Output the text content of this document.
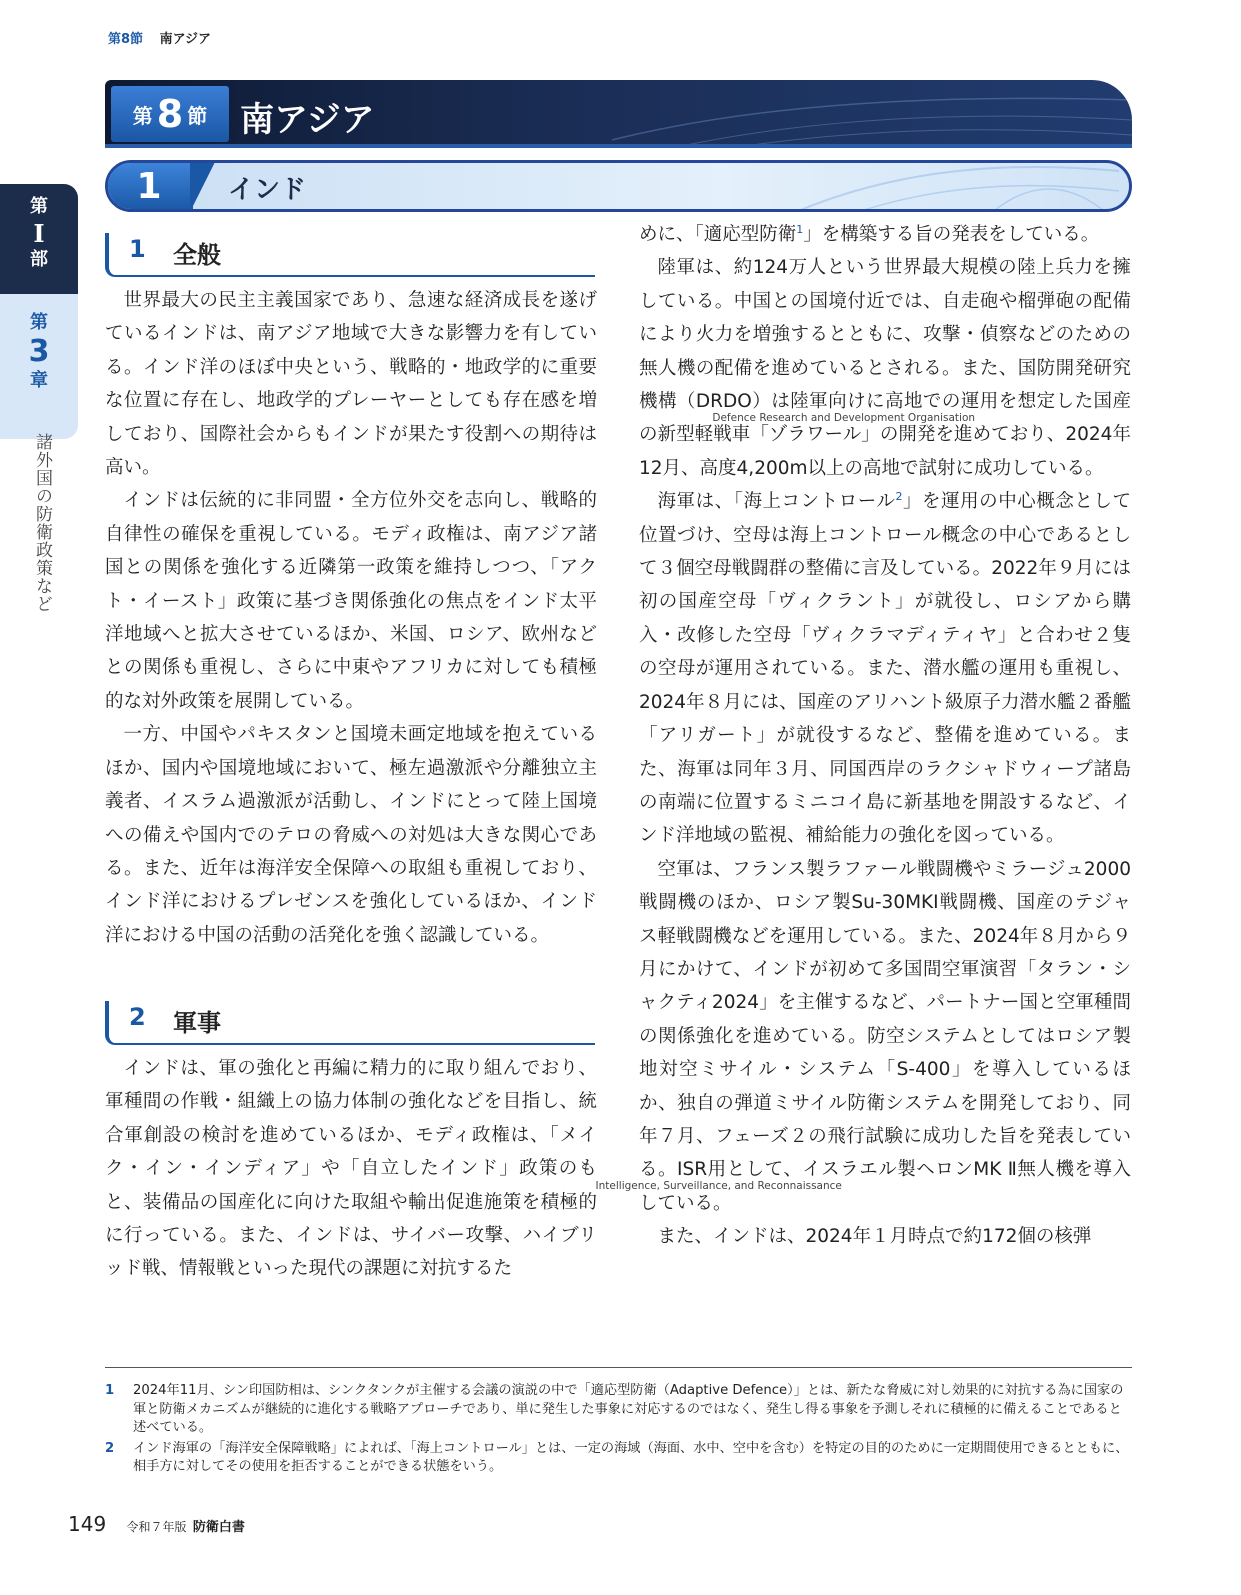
第8節 南アジア
第
I
部
第
3
章
諸外国の防衛政策など
第 8 節 南アジア
1	インド
1 全般

世界最大の民主主義国家であり、急速な経済成長を遂げているインドは、南アジア地域で大きな影響力を有している。インド洋のほぼ中央という、戦略的・地政学的に重要な位置に存在し、地政学的プレーヤーとしても存在感を増しており、国際社会からもインドが果たす役割への期待は高い。

インドは伝統的に非同盟・全方位外交を志向し、戦略的自律性の確保を重視している。モディ政権は、南アジア諸国との関係を強化する近隣第一政策を維持しつつ、「アクト・イースト」政策に基づき関係強化の焦点をインド太平洋地域へと拡大させているほか、米国、ロシア、欧州などとの関係も重視し、さらに中東やアフリカに対しても積極的な対外政策を展開している。

一方、中国やパキスタンと国境未画定地域を抱えているほか、国内や国境地域において、極左過激派や分離独立主義者、イスラム過激派が活動し、インドにとって陸上国境への備えや国内でのテロの脅威への対処は大きな関心である。また、近年は海洋安全保障への取組も重視しており、インド洋におけるプレゼンスを強化しているほか、インド洋における中国の活動の活発化を強く認識している。

2 軍事

インドは、軍の強化と再編に精力的に取り組んでおり、軍種間の作戦・組織上の協力体制の強化などを目指し、統合軍創設の検討を進めているほか、モディ政権は、「メイク・イン・インディア」や「自立したインド」政策のもと、装備品の国産化に向けた取組や輸出促進施策を積極的に行っている。また、インドは、サイバー攻撃、ハイブリッド戦、情報戦といった現代の課題に対抗するた

めに、「適応型防衛$^1$」を構築する旨の発表をしている。

陸軍は、約124万人という世界最大規模の陸上兵力を擁している。中国との国境付近では、自走砲や榴弾砲の配備により火力を増強するとともに、攻撃・偵察などのための無人機の配備を進めているとされる。また、国防開発研究機構（DRDO
Defence Research and Development Organisation
）は陸軍向けに高地での運用を想定した国産の新型軽戦車「ゾラワール」の開発を進めており、2024年12月、高度4,200m以上の高地で試射に成功している。

海軍は、「海上コントロール$^2$」を運用の中心概念として位置づけ、空母は海上コントロール概念の中心であるとして３個空母戦闘群の整備に言及している。2022年９月には初の国産空母「ヴィクラント」が就役し、ロシアから購入・改修した空母「ヴィクラマディティヤ」と合わせ２隻の空母が運用されている。また、潜水艦の運用も重視し、2024年８月には、国産のアリハント級原子力潜水艦２番艦「アリガート」が就役するなど、整備を進めている。また、海軍は同年３月、同国西岸のラクシャドウィープ諸島の南端に位置するミニコイ島に新基地を開設するなど、インド洋地域の監視、補給能力の強化を図っている。

空軍は、フランス製ラファール戦闘機やミラージュ2000戦闘機のほか、ロシア製Su-30MKI戦闘機、国産のテジャス軽戦闘機などを運用している。また、2024年８月から９月にかけて、インドが初めて多国間空軍演習「タラン・シャクティ2024」を主催するなど、パートナー国と空軍種間の関係強化を進めている。防空システムとしてはロシア製地対空ミサイル・システム「S-400」を導入しているほか、独自の弾道ミサイル防衛システムを開発しており、同年７月、フェーズ２の飛行試験に成功した旨を発表している。ISR
Intelligence, Surveillance, and Reconnaissance
用として、イスラエル製ヘロンMK Ⅱ無人機を導入している。

また、インドは、2024年１月時点で約172個の核弾

1	2024年11月、シン印国防相は、シンクタンクが主催する会議の演説の中で「適応型防衛（Adaptive Defence）」とは、新たな脅威に対し効果的に対抗する為に国家の軍と防衛メカニズムが継続的に進化する戦略アプローチであり、単に発生した事象に対応するのではなく、発生し得る事象を予測しそれに積極的に備えることであると述べている。
2	インド海軍の「海洋安全保障戦略」によれば、「海上コントロール」とは、一定の海域（海面、水中、空中を含む）を特定の目的のために一定期間使用できるとともに、相手方に対してその使用を拒否することができる状態をいう。
149 令和７年版 防衛白書
